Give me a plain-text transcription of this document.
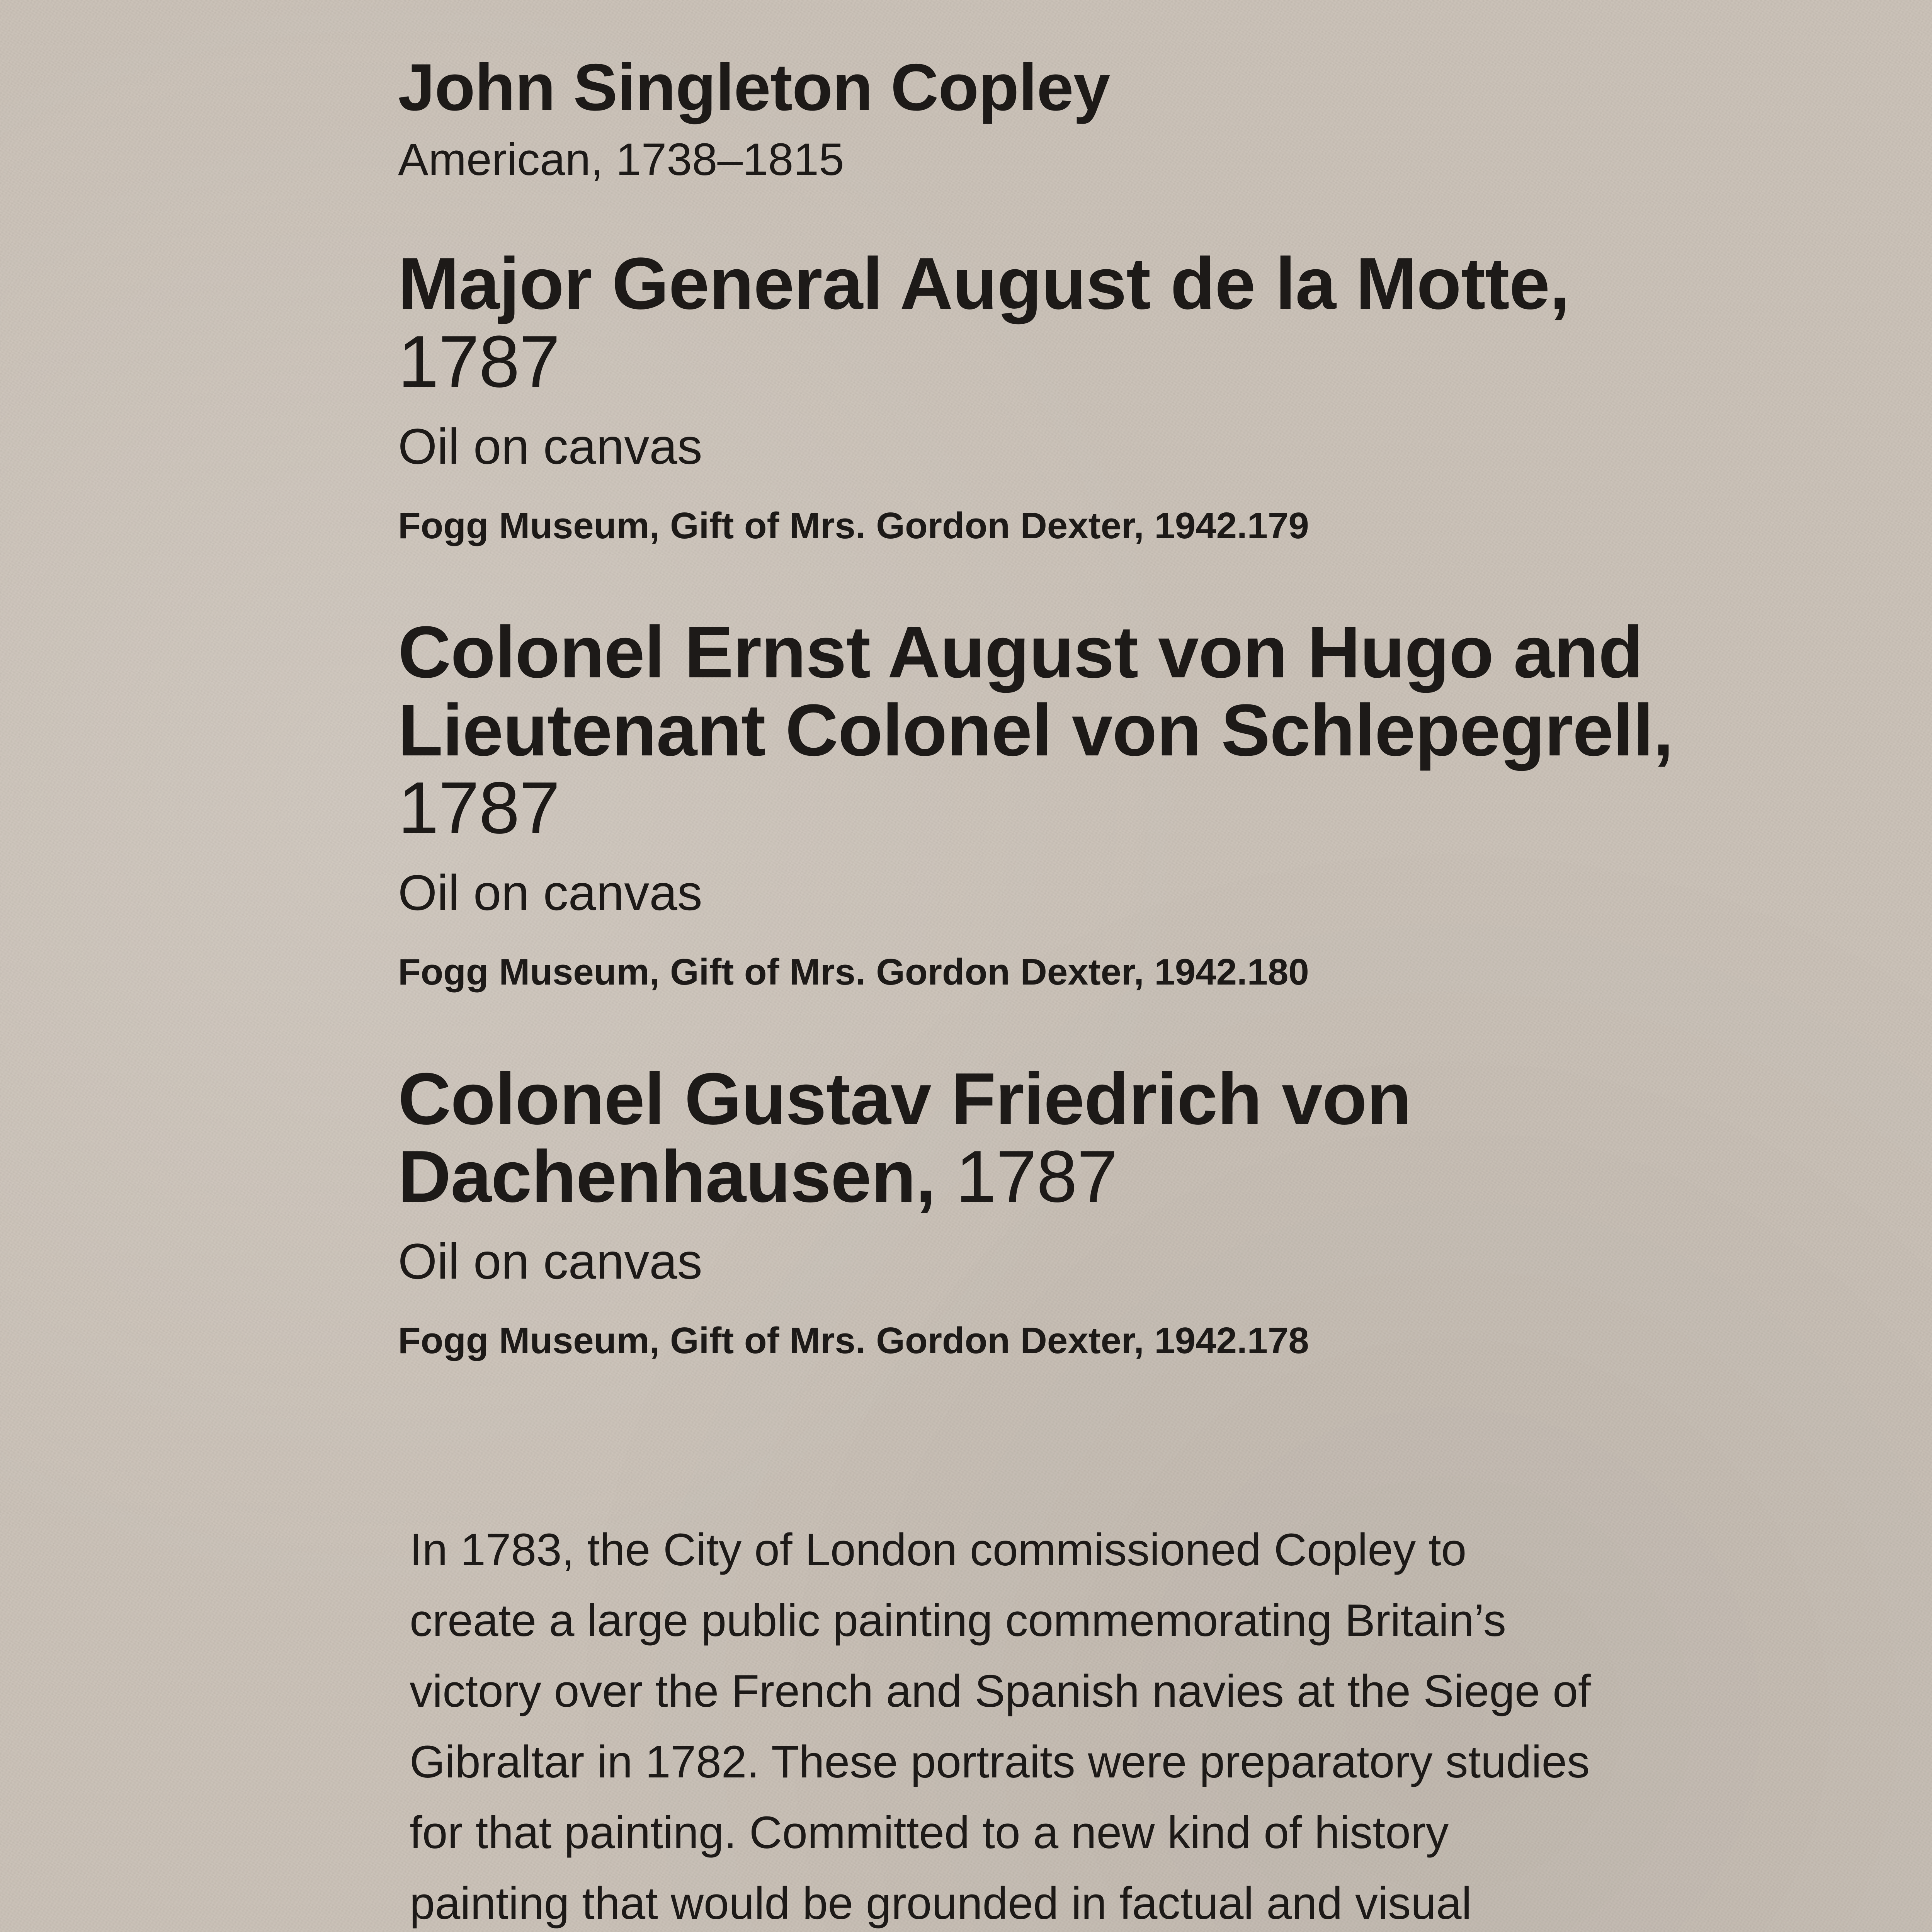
John Singleton Copley
American, 1738–1815
Major General August de la Motte,
1787
Oil on canvas
Fogg Museum, Gift of Mrs. Gordon Dexter, 1942.179
Colonel Ernst August von Hugo and
Lieutenant Colonel von Schlepegrell,
1787
Oil on canvas
Fogg Museum, Gift of Mrs. Gordon Dexter, 1942.180
Colonel Gustav Friedrich von
Dachenhausen, 1787
Oil on canvas
Fogg Museum, Gift of Mrs. Gordon Dexter, 1942.178

In 1783, the City of London commissioned Copley to
create a large public painting commemorating Britain’s
victory over the French and Spanish navies at the Siege of
Gibraltar in 1782. These portraits were preparatory studies
for that painting. Committed to a new kind of history
painting that would be grounded in factual and visual
